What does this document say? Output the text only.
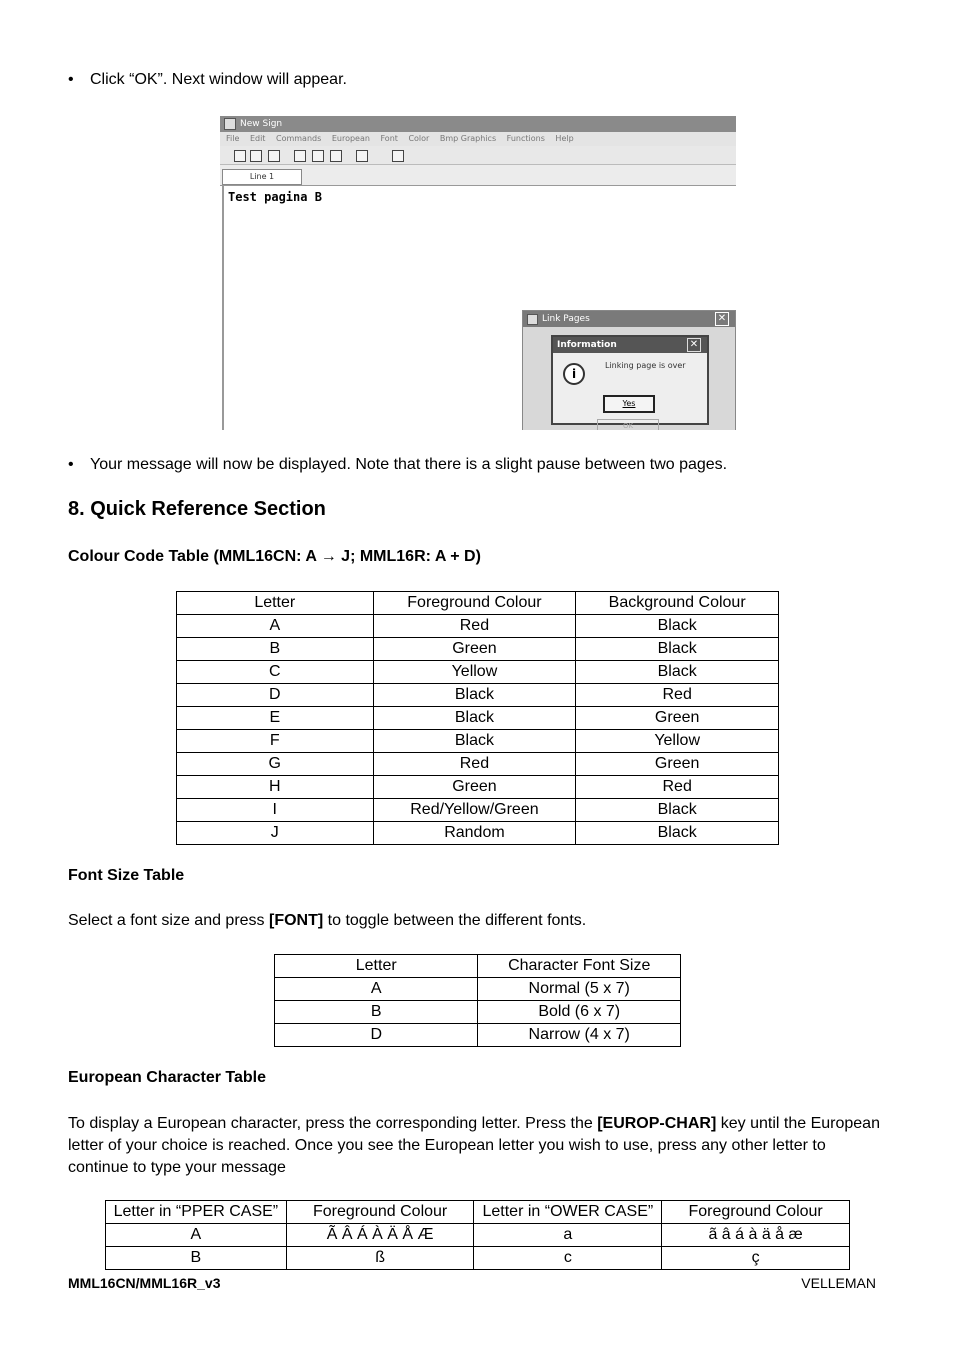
• Click “OK”. Next window will appear.
New Sign
File Edit Commands European Font Color Bmp Graphics Functions Help
Line 1
Test pagina B
Link Pages	✕
Information	✕
i
Linking page is over
Yes
OK
• Your message will now be displayed. Note that there is a slight pause between two pages.
8. Quick Reference Section
Colour Code Table (MML16CN: A → J; MML16R: A + D)
Letter	Foreground Colour	Background Colour
A	Red	Black
B	Green	Black
C	Yellow	Black
D	Black	Red
E	Black	Green
F	Black	Yellow
G	Red	Green
H	Green	Red
I	Red/Yellow/Green	Black
J	Random	Black
Font Size Table
Select a font size and press [FONT] to toggle between the different fonts.
Letter	Character Font Size
A	Normal (5 x 7)
B	Bold (6 x 7)
D	Narrow (4 x 7)
European Character Table
To display a European character, press the corresponding letter. Press the [EUROP-CHAR] key until the European letter of your choice is reached. Once you see the European letter you wish to use, press any other letter to continue to type your message
Letter in “PPER CASE”	Foreground Colour	Letter in “OWER CASE”	Foreground Colour
A	Ã Â Á À Ä Å Æ	a	ã â á à ä å æ
B	ß	c	ç
MML16CN/MML16R_v3	VELLEMAN
